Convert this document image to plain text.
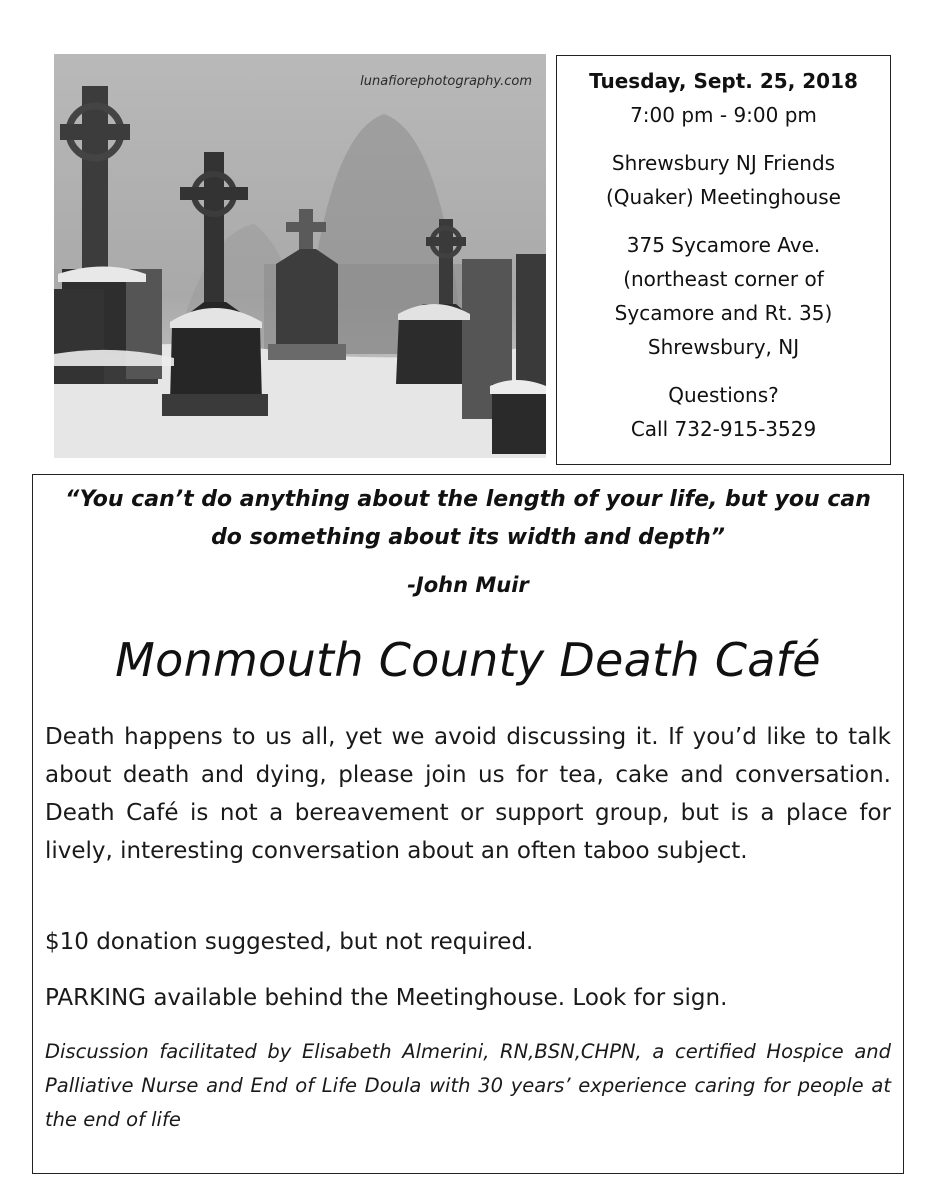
lunafiorephotography.com	Tuesday, Sept. 25, 2018
7:00 pm - 9:00 pm
Shrewsbury NJ Friends
(Quaker) Meetinghouse
375 Sycamore Ave.
(northeast corner of
Sycamore and Rt. 35)
Shrewsbury, NJ
Questions?
Call 732-915-3529
“You can’t do anything about the length of your life, but you can do something about its width and depth”
-John Muir
Monmouth County Death Café
Death happens to us all, yet we avoid discussing it. If you’d like to talk about death and dying, please join us for tea, cake and conversation. Death Café is not a bereavement or support group, but is a place for lively, interesting conversation about an often taboo subject.
$10 donation suggested, but not required.
PARKING available behind the Meetinghouse. Look for sign.
Discussion facilitated by Elisabeth Almerini, RN,BSN,CHPN, a certified Hospice and Palliative Nurse and End of Life Doula with 30 years’ experience caring for people at the end of life
